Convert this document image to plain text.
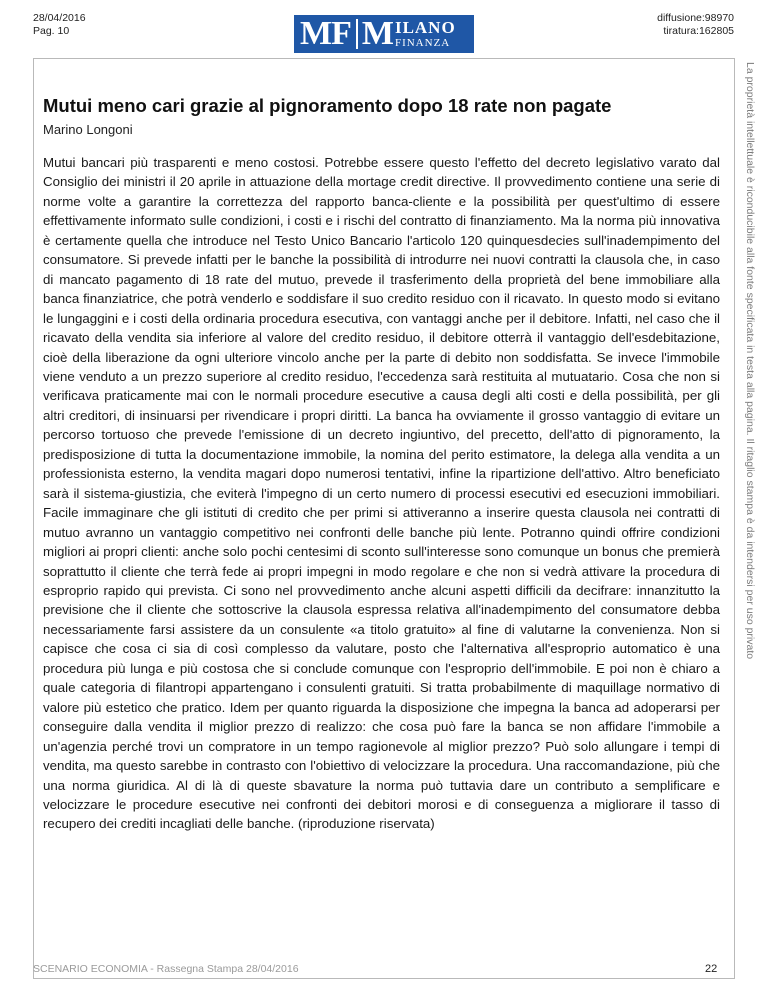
28/04/2016
Pag. 10	MF M ILANO
FINANZA
diffusione:98970
tiratura:162805
Mutui meno cari grazie al pignoramento dopo 18 rate non pagate
Marino Longoni

Mutui bancari più trasparenti e meno costosi. Potrebbe essere questo l'effetto del decreto legislativo varato dal Consiglio dei ministri il 20 aprile in attuazione della mortage credit directive. Il provvedimento contiene una serie di norme volte a garantire la correttezza del rapporto banca-cliente e la possibilità per quest'ultimo di essere effettivamente informato sulle condizioni, i costi e i rischi del contratto di finanziamento. Ma la norma più innovativa è certamente quella che introduce nel Testo Unico Bancario l'articolo 120 quinquesdecies sull'inadempimento del consumatore. Si prevede infatti per le banche la possibilità di introdurre nei nuovi contratti la clausola che, in caso di mancato pagamento di 18 rate del mutuo, prevede il trasferimento della proprietà del bene immobiliare alla banca finanziatrice, che potrà venderlo e soddisfare il suo credito residuo con il ricavato. In questo modo si evitano le lungaggini e i costi della ordinaria procedura esecutiva, con vantaggi anche per il debitore. Infatti, nel caso che il ricavato della vendita sia inferiore al valore del credito residuo, il debitore otterrà il vantaggio dell'esdebitazione, cioè della liberazione da ogni ulteriore vincolo anche per la parte di debito non soddisfatta. Se invece l'immobile viene venduto a un prezzo superiore al credito residuo, l'eccedenza sarà restituita al mutuatario. Cosa che non si verificava praticamente mai con le normali procedure esecutive a causa degli alti costi e della possibilità, per gli altri creditori, di insinuarsi per rivendicare i propri diritti. La banca ha ovviamente il grosso vantaggio di evitare un percorso tortuoso che prevede l'emissione di un decreto ingiuntivo, del precetto, dell'atto di pignoramento, la predisposizione di tutta la documentazione immobile, la nomina del perito estimatore, la delega alla vendita a un professionista esterno, la vendita magari dopo numerosi tentativi, infine la ripartizione dell'attivo. Altro beneficiato sarà il sistema-giustizia, che eviterà l'impegno di un certo numero di processi esecutivi ed esecuzioni immobiliari. Facile immaginare che gli istituti di credito che per primi si attiveranno a inserire questa clausola nei contratti di mutuo avranno un vantaggio competitivo nei confronti delle banche più lente. Potranno quindi offrire condizioni migliori ai propri clienti: anche solo pochi centesimi di sconto sull'interesse sono comunque un bonus che premierà soprattutto il cliente che terrà fede ai propri impegni in modo regolare e che non si vedrà attivare la procedura di esproprio rapido qui prevista. Ci sono nel provvedimento anche alcuni aspetti difficili da decifrare: innanzitutto la previsione che il cliente che sottoscrive la clausola espressa relativa all'inadempimento del consumatore debba necessariamente farsi assistere da un consulente «a titolo gratuito» al fine di valutarne la convenienza. Non si capisce che cosa ci sia di così complesso da valutare, posto che l'alternativa all'esproprio automatico è una procedura più lunga e più costosa che si conclude comunque con l'esproprio dell'immobile. E poi non è chiaro a quale categoria di filantropi appartengano i consulenti gratuiti. Si tratta probabilmente di maquillage normativo di valore più estetico che pratico. Idem per quanto riguarda la disposizione che impegna la banca ad adoperarsi per conseguire dalla vendita il miglior prezzo di realizzo: che cosa può fare la banca se non affidare l'immobile a un'agenzia perché trovi un compratore in un tempo ragionevole al miglior prezzo? Può solo allungare i tempi di vendita, ma questo sarebbe in contrasto con l'obiettivo di velocizzare la procedura. Una raccomandazione, più che una norma giuridica. Al di là di queste sbavature la norma può tuttavia dare un contributo a semplificare e velocizzare le procedure esecutive nei confronti dei debitori morosi e di conseguenza a migliorare il tasso di recupero dei crediti incagliati delle banche. (riproduzione riservata)

La proprietà intellettuale è riconducibile alla fonte specificata in testa alla pagina. Il ritaglio stampa è da intendersi per uso privato
SCENARIO ECONOMIA - Rassegna Stampa 28/04/2016	22
